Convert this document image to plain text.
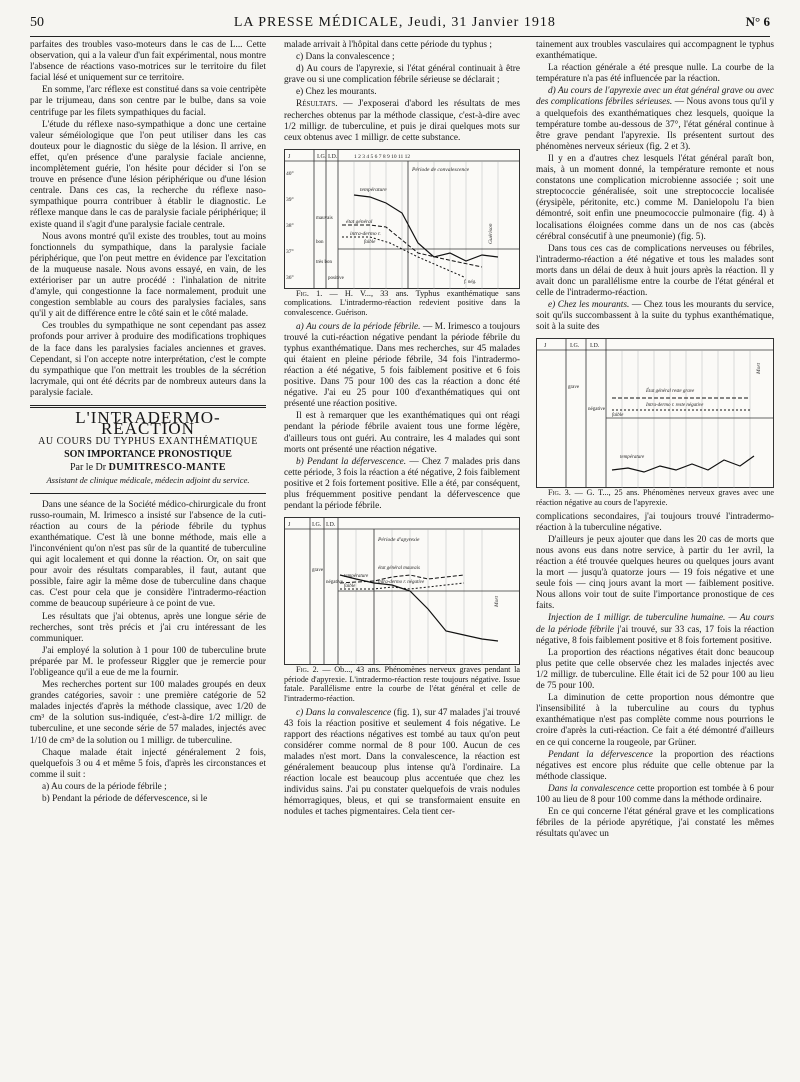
50	LA PRESSE MÉDICALE, Jeudi, 31 Janvier 1918	N° 6

parfaites des troubles vaso-moteurs dans le cas de L... Cette observation, qui a la valeur d'un fait expérimental, nous montre l'absence de réactions vaso-motrices sur le territoire du filet facial lésé et uniquement sur ce territoire.

En somme, l'arc réflexe est constitué dans sa voie centripète par le trijumeau, dans son centre par le bulbe, dans sa voie centrifuge par les filets sympathiques du facial.

L'étude du réflexe naso-sympathique a donc une certaine valeur séméiologique que l'on peut utiliser dans les cas douteux pour le diagnostic du siège de la lésion. Il arrive, en effet, qu'en présence d'une paralysie faciale ancienne, incomplètement guérie, l'on hésite pour décider si l'on se trouve en présence d'une lésion périphérique ou d'une lésion centrale. Dans ces cas, la recherche du réflexe naso-sympathique pourra contribuer à établir le diagnostic. Le réflexe manque dans le cas de paralysie faciale périphérique; il existe quand il s'agit d'une paralysie faciale centrale.

Nous avons montré qu'il existe des troubles, tout au moins fonctionnels du sympathique, dans la paralysie faciale périphérique, que l'on peut mettre en évidence par l'excitation de la muqueuse nasale. Nous avons essayé, en vain, de les extérioriser par un autre procédé : l'inhalation de nitrite d'amyle, qui congestionne la face normalement, produit une congestion semblable au cours des paralysies faciales, sans qu'il y ait de différence entre le côté sain et le côté malade.

Ces troubles du sympathique ne sont cependant pas assez profonds pour arriver à produire des modifications trophiques de la face dans les paralysies faciales anciennes et graves. Cependant, si l'on accepte notre interprétation, c'est le compte du sympathique que l'on mettrait les troubles de la sécrétion lacrymale, qui ont été décrits par de nombreux auteurs dans la paralysie faciale.

L'INTRADERMO-RÉACTION
AU COURS DU TYPHUS EXANTHÉMATIQUE
SON IMPORTANCE PRONOSTIQUE
Par le Dr DUMITRESCO-MANTE
Assistant de clinique médicale, médecin adjoint du service.

Dans une séance de la Société médico-chirurgicale du front russo-roumain, M. Irimesco a insisté sur l'absence de la cuti-réaction au cours de la période fébrile du typhus exanthématique. C'est là une bonne méthode, mais elle a l'inconvénient qu'on n'est pas sûr de la quantité de tuberculine qui agit localement et qui donne la réaction. Or, on sait que pour avoir des résultats comparables, il faut, autant que possible, faire agir la même dose de tuberculine dans chaque cas. C'est pour cela que je considère l'intradermo-réaction comme de beaucoup supérieure à ce point de vue.

Les résultats que j'ai obtenus, après une longue série de recherches, sont très précis et j'ai cru intéressant de les communiquer.

J'ai employé la solution à 1 pour 100 de tuberculine brute préparée par M. le professeur Riggler que je remercie pour l'obligeance qu'il a eue de me la fournir.

Mes recherches portent sur 100 malades groupés en deux grandes catégories, savoir : une première catégorie de 52 malades injectés d'après la méthode classique, avec 1/20 de cm³ de la solution sus-indiquée, c'est-à-dire 1/2 milligr. de tuberculine, et une seconde série de 57 malades, injectés avec 1/10 de cm³ de la solution ou 1 milligr. de tuberculine.

Chaque malade était injecté généralement 2 fois, quelquefois 3 ou 4 et même 5 fois, d'après les circonstances et comme il suit :

a) Au cours de la période fébrile ;

b) Pendant la période de défervescence, si le

malade arrivait à l'hôpital dans cette période du typhus ;

c) Dans la convalescence ;

d) Au cours de l'apyrexie, si l'état général continuait à être grave ou si une complication fébrile sérieuse se déclarait ;

e) Chez les mourants.

Résultats. — J'exposerai d'abord les résultats de mes recherches obtenus par la méthode classique, c'est-à-dire avec 1/2 milligr. de tuberculine, et puis je dirai quelques mots sur ceux obtenus avec 1 milligr. de cette substance.

J	I.G. I.D.	1 2 3 4 5 6 7 8 9 10 11 12
Période de convalescence
40°
39°
38°
37°
36°
mauvais
bon
très bon
positive
température
état général
intra-dermo r.
faible	Guérison
f. nég.

Fig. 1. — H. V..., 33 ans. Typhus exanthématique sans complications. L'intradermo-réaction redevient positive dans la convalescence. Guérison.

a) Au cours de la période fébrile. — M. Irimesco a toujours trouvé la cuti-réaction négative pendant la période fébrile du typhus exanthématique. Dans mes recherches, sur 45 malades qui étaient en pleine période fébrile, 34 fois l'intradermo-réaction a été négative, 5 fois faiblement positive et 6 fois positive. Dans 75 pour 100 des cas la réaction a donc été négative. J'ai eu 25 pour 100 d'exanthématiques qui ont présenté une réaction positive.

Il est à remarquer que les exanthématiques qui ont réagi pendant la période fébrile avaient tous une forme légère, d'ailleurs tous ont guéri. Au contraire, les 4 malades qui sont morts ont présenté une réaction négative.

b) Pendant la défervescence. — Chez 7 malades pris dans cette période, 3 fois la réaction a été négative, 2 fois faiblement positive et 2 fois fortement positive. Elle a été, par conséquent, plus fréquemment positive pendant la défervescence que pendant la période fébrile.

J	I.G. I.D.
Période d'apyrexie
grave
négative
température
état général mauvais
intra-dermo r. négative
faible
Mort

Fig. 2. — Ob..., 43 ans. Phénomènes nerveux graves pendant la période d'apyrexie. L'intradermo-réaction reste toujours négative. Issue fatale. Parallélisme entre la courbe de l'état général et celle de l'intradermo-réaction.

c) Dans la convalescence (fig. 1), sur 47 malades j'ai trouvé 43 fois la réaction positive et seulement 4 fois négative. Le rapport des réactions négatives est tombé au taux qu'on peut considérer comme normal de 8 pour 100. Aucun de ces malades n'est mort. Dans la convalescence, la réaction est généralement beaucoup plus intense qu'à l'ordinaire. La réaction locale est beaucoup plus accentuée que chez les individus sains. J'ai pu constater quelquefois de vrais nodules hémorragiques, bleus, et qui se transformaient ensuite en nodules et taches pigmentaires. Cela tient cer-

tainement aux troubles vasculaires qui accompagnent le typhus exanthématique.

La réaction générale a été presque nulle. La courbe de la température n'a pas été influencée par la réaction.

d) Au cours de l'apyrexie avec un état général grave ou avec des complications fébriles sérieuses. — Nous avons tous qu'il y a quelquefois des exanthématiques chez lesquels, quoique la température tombe au-dessous de 37°, l'état général continue à être grave pendant l'apyrexie. Ils présentent surtout des phénomènes nerveux sérieux (fig. 2 et 3).

Il y en a d'autres chez lesquels l'état général paraît bon, mais, à un moment donné, la température remonte et nous constatons une complication microbienne associée ; soit une streptococcie généralisée, soit une streptococcie localisée (érysipèle, péritonite, etc.) comme M. Danielopolu l'a bien démontré, soit enfin une pneumococcie pulmonaire (fig. 4) à localisations éloignées comme dans un de nos cas (abcès cérébral consécutif à une pneumonie) (fig. 5).

Dans tous ces cas de complications nerveuses ou fébriles, l'intradermo-réaction a été négative et tous les malades sont morts dans un délai de deux à huit jours après la réaction. Il y avait donc un parallélisme entre la courbe de l'état général et celle de l'intradermo-réaction.

e) Chez les mourants. — Chez tous les mourants du service, soit qu'ils succombassent à la suite du typhus exanthématique, soit à la suite des

J	I.G. I.D.
Mort
grave
négative
État général reste grave
Intra-dermo r. reste négative
température
faible

Fig. 3. — G. T..., 25 ans. Phénomènes nerveux graves avec une réaction négative au cours de l'apyrexie.

complications secondaires, j'ai toujours trouvé l'intradermo-réaction à la tuberculine négative.

D'ailleurs je peux ajouter que dans les 20 cas de morts que nous avons eus dans notre service, à partir du 1er avril, la réaction a été trouvée quelques heures ou quelques jours avant la mort — jusqu'à quatorze jours — 19 fois négative et une seule fois — cinq jours avant la mort — faiblement positive. Nous allons voir tout de suite l'importance pronostique de ces faits.

Injection de 1 milligr. de tuberculine humaine. — Au cours de la période fébrile j'ai trouvé, sur 33 cas, 17 fois la réaction négative, 8 fois faiblement positive et 8 fois fortement positive.

La proportion des réactions négatives était donc beaucoup plus petite que celle observée chez les malades injectés avec 1/2 milligr. de tuberculine. Elle était ici de 52 pour 100 au lieu de 75 pour 100.

La diminution de cette proportion nous démontre que l'insensibilité à la tuberculine au cours du typhus exanthématique n'est pas complète comme nous pourrions le croire d'après la cuti-réaction. Ce fait a été démontré d'ailleurs en ce qui concerne la rougeole, par Grüner.

Pendant la défervescence la proportion des réactions négatives est encore plus réduite que celle obtenue par la méthode classique.

Dans la convalescence cette proportion est tombée à 6 pour 100 au lieu de 8 pour 100 comme dans la méthode ordinaire.

En ce qui concerne l'état général grave et les complications fébriles de la période apyrétique, j'ai constaté les mêmes résultats qu'avec un
